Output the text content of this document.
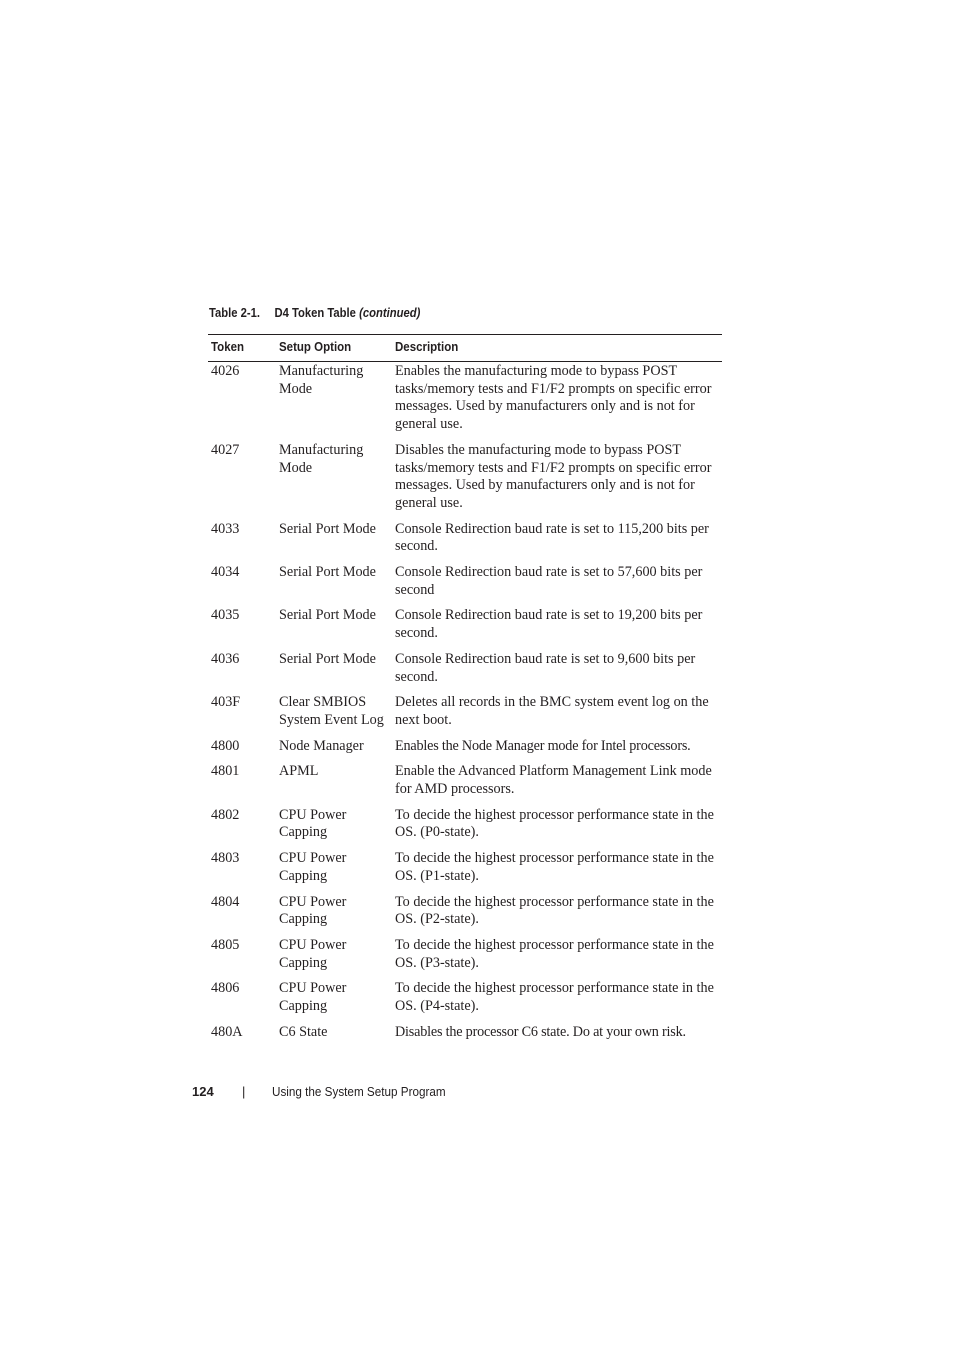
Table 2-1. D4 Token Table (continued)
Token	Setup Option	Description
4026	Manufacturing Mode	Enables the manufacturing mode to bypass POST tasks/memory tests and F1/F2 prompts on specific error messages. Used by manufacturers only and is not for general use.
4027	Manufacturing Mode	Disables the manufacturing mode to bypass POST tasks/memory tests and F1/F2 prompts on specific error messages. Used by manufacturers only and is not for general use.
4033	Serial Port Mode	Console Redirection baud rate is set to 115,200 bits per second.
4034	Serial Port Mode	Console Redirection baud rate is set to 57,600 bits per second
4035	Serial Port Mode	Console Redirection baud rate is set to 19,200 bits per second.
4036	Serial Port Mode	Console Redirection baud rate is set to 9,600 bits per second.
403F	Clear SMBIOS System Event Log	Deletes all records in the BMC system event log on the next boot.
4800	Node Manager	Enables the Node Manager mode for Intel processors.
4801	APML	Enable the Advanced Platform Management Link mode for AMD processors.
4802	CPU Power Capping	To decide the highest processor performance state in the OS. (P0-state).
4803	CPU Power Capping	To decide the highest processor performance state in the OS. (P1-state).
4804	CPU Power Capping	To decide the highest processor performance state in the OS. (P2-state).
4805	CPU Power Capping	To decide the highest processor performance state in the OS. (P3-state).
4806	CPU Power Capping	To decide the highest processor performance state in the OS. (P4-state).
480A	C6 State	Disables the processor C6 state. Do at your own risk.
124 | Using the System Setup Program
